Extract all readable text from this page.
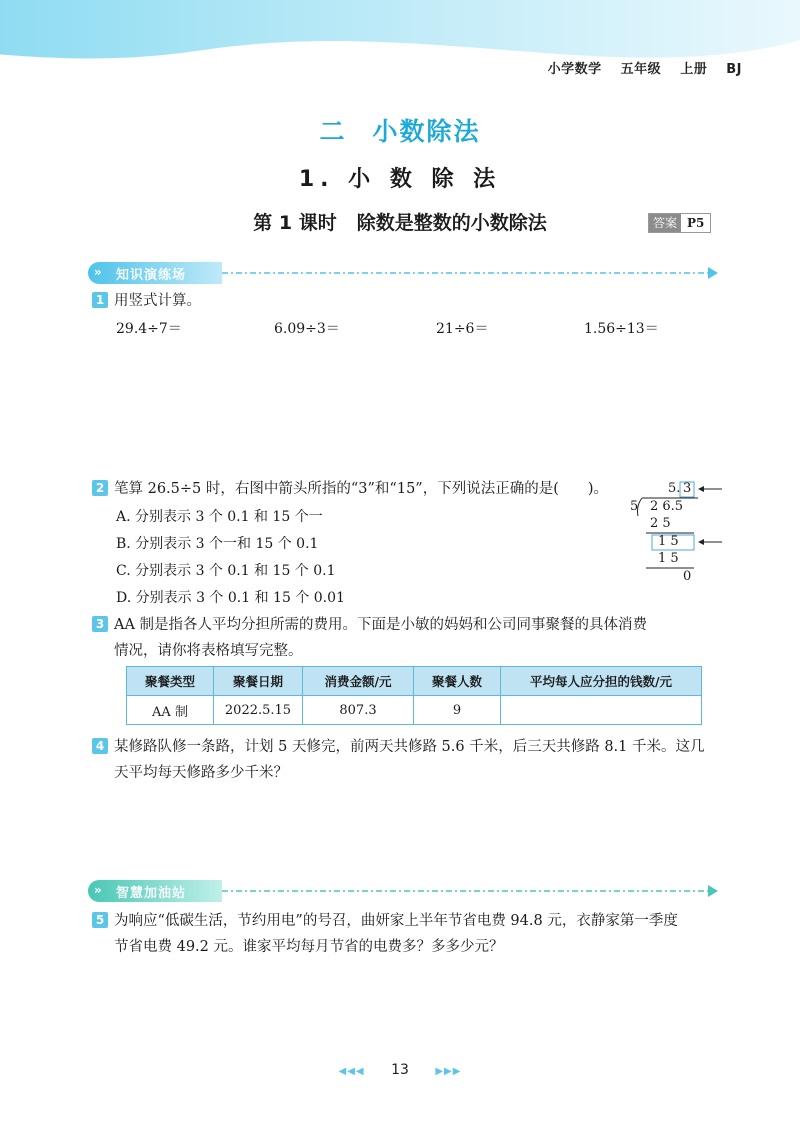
小学数学 五年级 上册 BJ
二 小数除法
1. 小 数 除 法
第 1 课时 除数是整数的小数除法	答案 P5
» 知识演练场
1 用竖式计算。
29.4÷7＝	6.09÷3＝	21÷6＝	1.56÷13＝
2 笔算 26.5÷5 时，右图中箭头所指的“3”和“15”，下列说法正确的是(　　)。
A. 分别表示 3 个 0.1 和 15 个一
B. 分别表示 3 个一和 15 个 0.1
C. 分别表示 3 个 0.1 和 15 个 0.1
D. 分别表示 3 个 0.1 和 15 个 0.01
5. 3
5 2 6.5
2 5
1 5
1 5
0
3 AA 制是指各人平均分担所需的费用。下面是小敏的妈妈和公司同事聚餐的具体消费
情况，请你将表格填写完整。
聚餐类型	聚餐日期	消费金额/元	聚餐人数	平均每人应分担的钱数/元
AA 制	2022.5.15	807.3	9	
4 某修路队修一条路，计划 5 天修完，前两天共修路 5.6 千米，后三天共修路 8.1 千米。这几
天平均每天修路多少千米？
» 智慧加油站
5 为响应“低碳生活，节约用电”的号召，曲妍家上半年节省电费 94.8 元，衣静家第一季度
节省电费 49.2 元。谁家平均每月节省的电费多？多多少元？
◀◀◀ 13	▶▶▶
